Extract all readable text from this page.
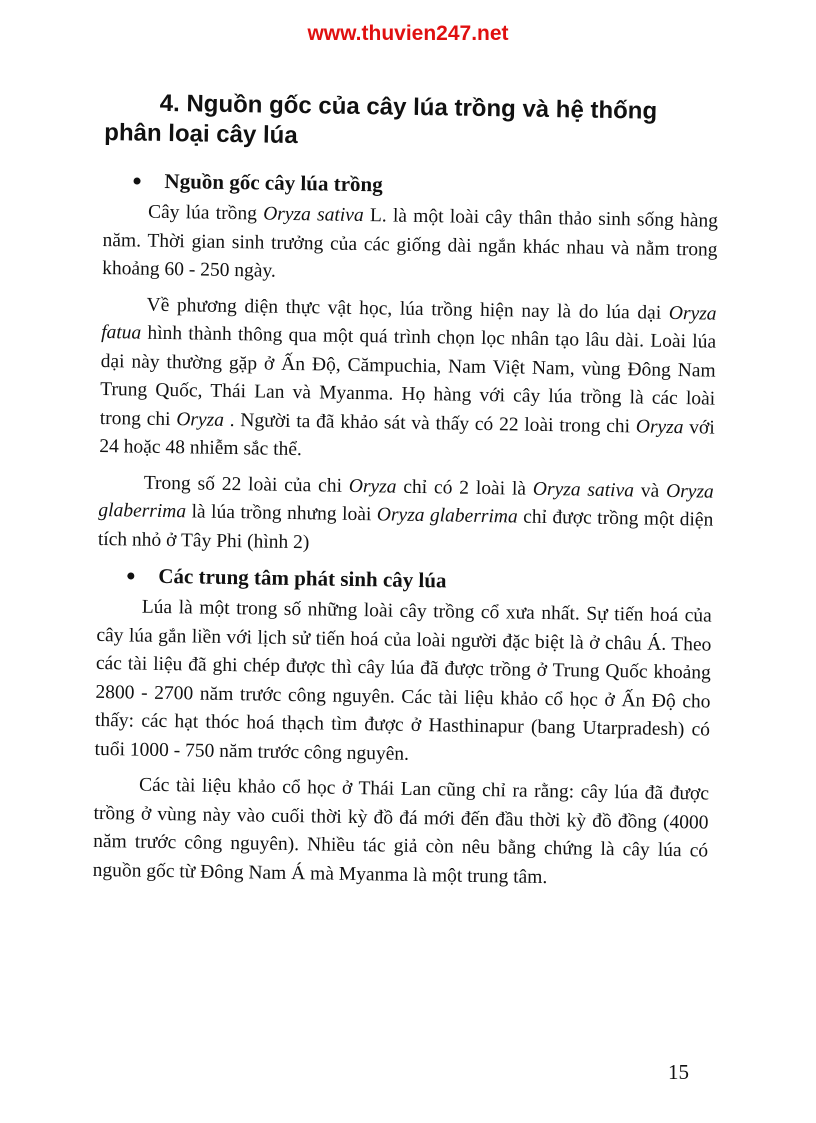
www.thuvien247.net
4. Nguồn gốc của cây lúa trồng và hệ thống phân loại cây lúa
Nguồn gốc cây lúa trồng

Cây lúa trồng Oryza sativa L. là một loài cây thân thảo sinh sống hàng năm. Thời gian sinh trưởng của các giống dài ngắn khác nhau và nằm trong khoảng 60 - 250 ngày.

Về phương diện thực vật học, lúa trồng hiện nay là do lúa dại Oryza fatua hình thành thông qua một quá trình chọn lọc nhân tạo lâu dài. Loài lúa dại này thường gặp ở Ấn Độ, Cămpuchia, Nam Việt Nam, vùng Đông Nam Trung Quốc, Thái Lan và Myanma. Họ hàng với cây lúa trồng là các loài trong chi Oryza . Người ta đã khảo sát và thấy có 22 loài trong chi Oryza với 24 hoặc 48 nhiễm sắc thể.

Trong số 22 loài của chi Oryza chỉ có 2 loài là Oryza sativa và Oryza glaberrima là lúa trồng nhưng loài Oryza glaberrima chỉ được trồng một diện tích nhỏ ở Tây Phi (hình 2)

Các trung tâm phát sinh cây lúa

Lúa là một trong số những loài cây trồng cổ xưa nhất. Sự tiến hoá của cây lúa gắn liền với lịch sử tiến hoá của loài người đặc biệt là ở châu Á. Theo các tài liệu đã ghi chép được thì cây lúa đã được trồng ở Trung Quốc khoảng 2800 - 2700 năm trước công nguyên. Các tài liệu khảo cổ học ở Ấn Độ cho thấy: các hạt thóc hoá thạch tìm được ở Hasthinapur (bang Utarpradesh) có tuổi 1000 - 750 năm trước công nguyên.

Các tài liệu khảo cổ học ở Thái Lan cũng chỉ ra rằng: cây lúa đã được trồng ở vùng này vào cuối thời kỳ đồ đá mới đến đầu thời kỳ đồ đồng (4000 năm trước công nguyên). Nhiều tác giả còn nêu bằng chứng là cây lúa có nguồn gốc từ Đông Nam Á mà Myanma là một trung tâm.

15
